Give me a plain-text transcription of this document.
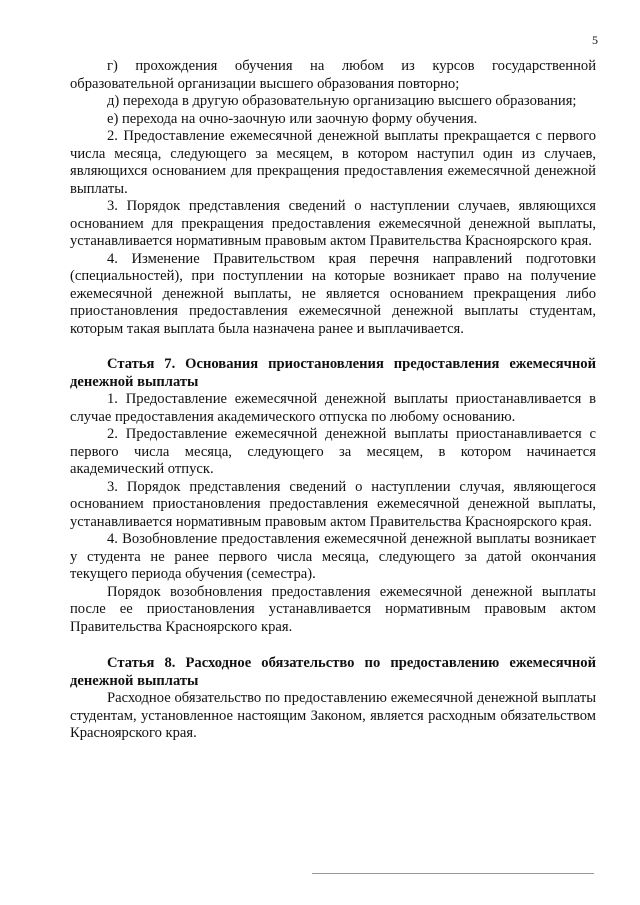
5

г) прохождения обучения на любом из курсов государственной образовательной организации высшего образования повторно;

д) перехода в другую образовательную организацию высшего образования;

е) перехода на очно-заочную или заочную форму обучения.

2. Предоставление ежемесячной денежной выплаты прекращается с первого числа месяца, следующего за месяцем, в котором наступил один из случаев, являющихся основанием для прекращения предоставления ежемесячной денежной выплаты.

3. Порядок представления сведений о наступлении случаев, являющихся основанием для прекращения предоставления ежемесячной денежной выплаты, устанавливается нормативным правовым актом Правительства Красноярского края.

4. Изменение Правительством края перечня направлений подготовки (специальностей), при поступлении на которые возникает право на получение ежемесячной денежной выплаты, не является основанием прекращения либо приостановления предоставления ежемесячной денежной выплаты студентам, которым такая выплата была назначена ранее и выплачивается.

Статья 7. Основания приостановления предоставления ежемесячной денежной выплаты

1. Предоставление ежемесячной денежной выплаты приостанавливается в случае предоставления академического отпуска по любому основанию.

2. Предоставление ежемесячной денежной выплаты приостанавливается с первого числа месяца, следующего за месяцем, в котором начинается академический отпуск.

3. Порядок представления сведений о наступлении случая, являющегося основанием приостановления предоставления ежемесячной денежной выплаты, устанавливается нормативным правовым актом Правительства Красноярского края.

4. Возобновление предоставления ежемесячной денежной выплаты возникает у студента не ранее первого числа месяца, следующего за датой окончания текущего периода обучения (семестра).

Порядок возобновления предоставления ежемесячной денежной выплаты после ее приостановления устанавливается нормативным правовым актом Правительства Красноярского края.

Статья 8. Расходное обязательство по предоставлению ежемесячной денежной выплаты

Расходное обязательство по предоставлению ежемесячной денежной выплаты студентам, установленное настоящим Законом, является расходным обязательством Красноярского края.
